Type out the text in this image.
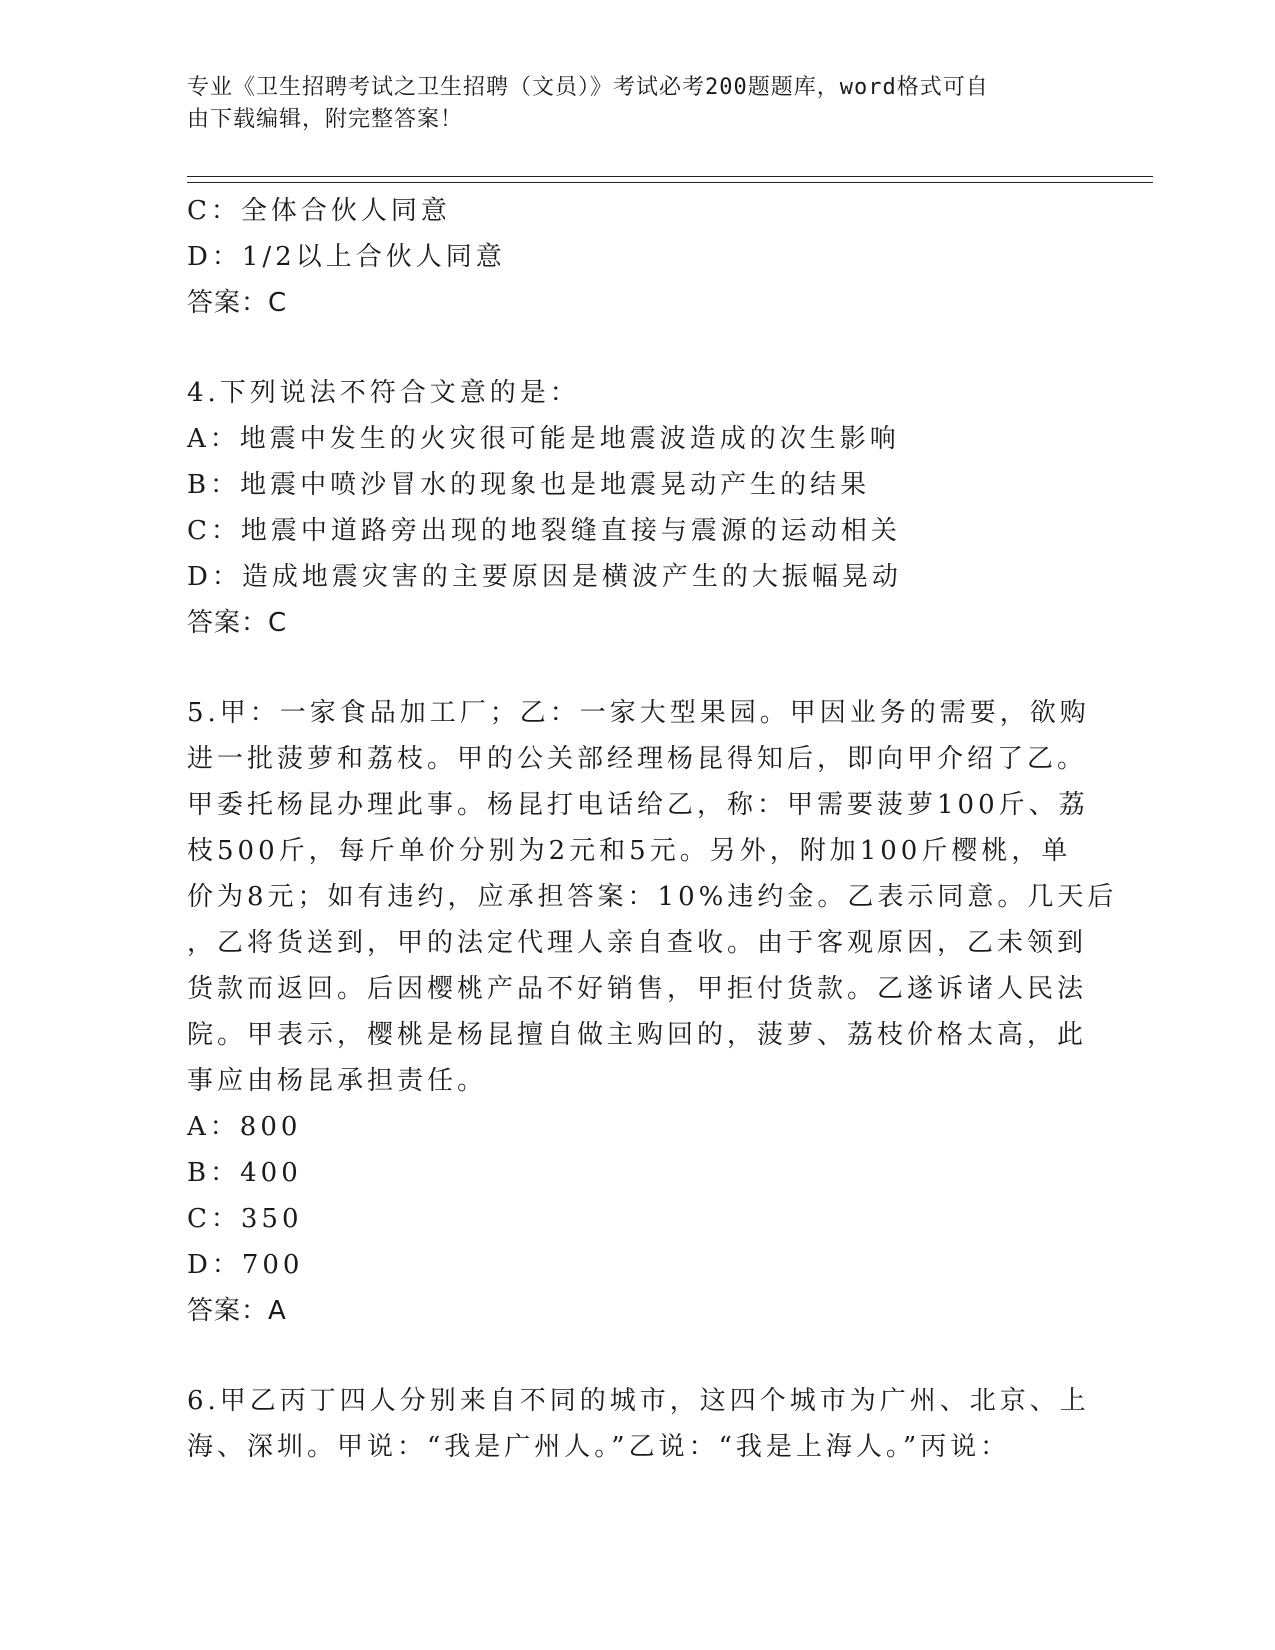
专业《卫生招聘考试之卫生招聘（文员）》考试必考200题题库，word格式可自
由下载编辑，附完整答案！
C：全体合伙人同意
D：1/2以上合伙人同意
答案：C
4.下列说法不符合文意的是：
A：地震中发生的火灾很可能是地震波造成的次生影响
B：地震中喷沙冒水的现象也是地震晃动产生的结果
C：地震中道路旁出现的地裂缝直接与震源的运动相关
D：造成地震灾害的主要原因是横波产生的大振幅晃动
答案：C
5.甲：一家食品加工厂；乙：一家大型果园。甲因业务的需要，欲购
进一批菠萝和荔枝。甲的公关部经理杨昆得知后，即向甲介绍了乙。
甲委托杨昆办理此事。杨昆打电话给乙，称：甲需要菠萝100斤、荔
枝500斤，每斤单价分别为2元和5元。另外，附加100斤樱桃，单
价为8元；如有违约，应承担答案：10%违约金。乙表示同意。几天后
，乙将货送到，甲的法定代理人亲自查收。由于客观原因，乙未领到
货款而返回。后因樱桃产品不好销售，甲拒付货款。乙遂诉诸人民法
院。甲表示，樱桃是杨昆擅自做主购回的，菠萝、荔枝价格太高，此
事应由杨昆承担责任。
A：800
B：400
C：350
D：700
答案：A
6.甲乙丙丁四人分别来自不同的城市，这四个城市为广州、北京、上
海、深圳。甲说：“我是广州人。”乙说：“我是上海人。”丙说：
